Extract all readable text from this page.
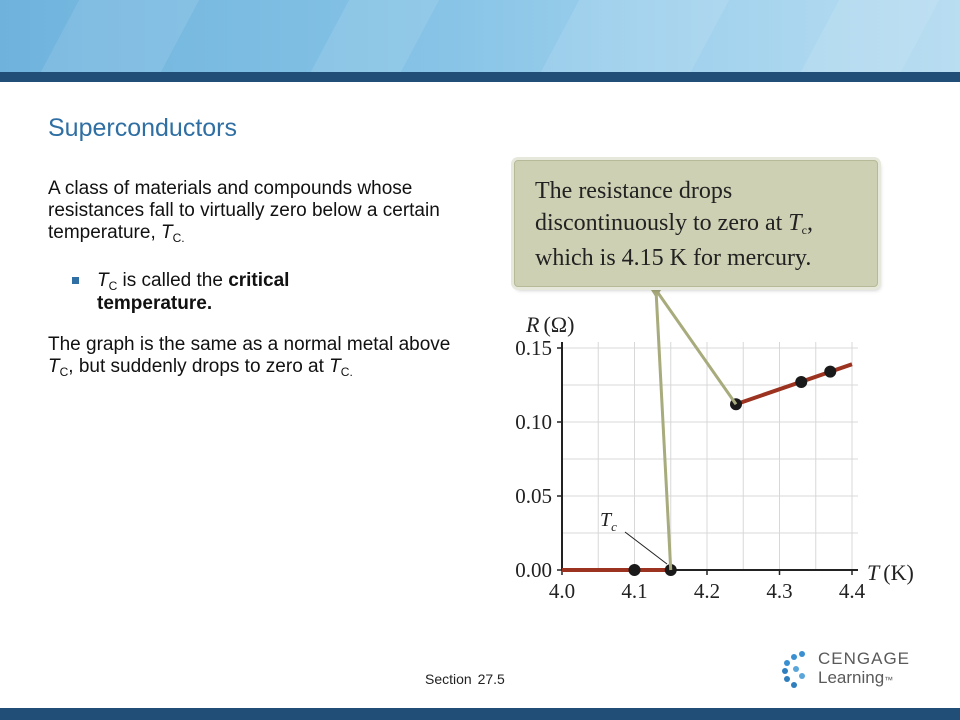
Superconductors

A class of materials and compounds whose resistances fall to virtually zero below a certain temperature, $T_{C.}$

$T_C$ is called the critical temperature.

The graph is the same as a normal metal above $T_C$, but suddenly drops to zero at $T_{C.}$

4.0 4.1 4.2 4.3 4.4
0.00
0.05
0.10
0.15
R (Ω)
T (K)
$T_c$

The resistance drops
discontinuously to zero at Tc,
which is 4.15 K for mercury.

Section 27.5
CENGAGE
Learning™
